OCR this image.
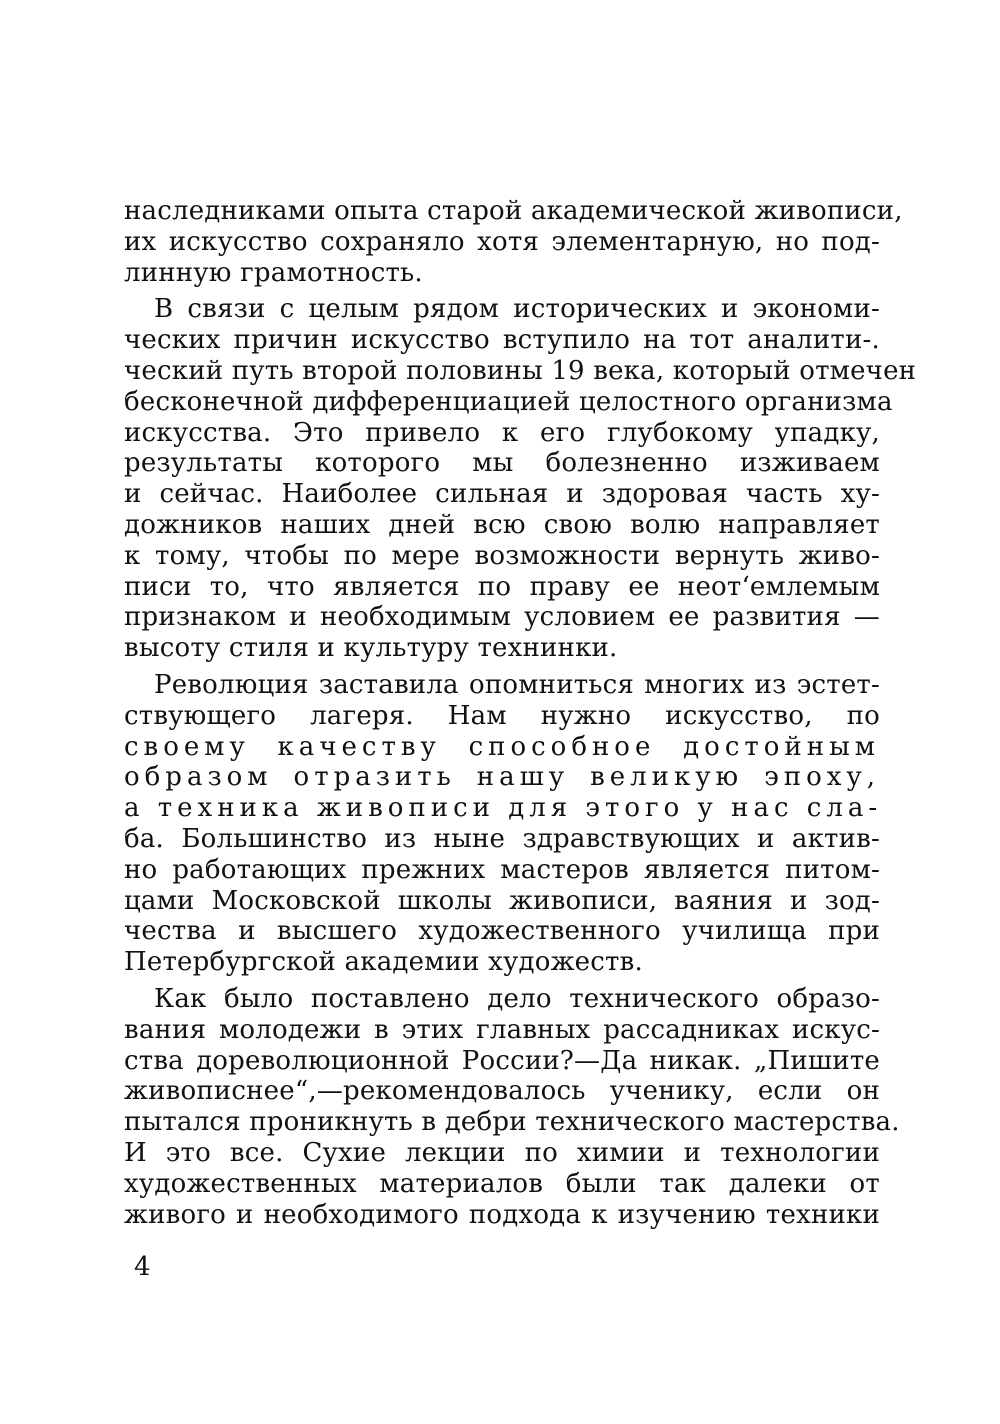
наследниками опыта старой академической живописи,
их искусство сохраняло хотя элементарную, но под-
линную грамотность.

В связи с целым рядом исторических и экономи-
ческих причин искусство вступило на тот аналити-.
ческий путь второй половины 19 века, который отмечен
бесконечной дифференциацией целостного организма
искусства. Это привело к его глубокому упадку,
результаты которого мы болезненно изживаем
и сейчас. Наиболее сильная и здоровая часть ху-
дожников наших дней всю свою волю направляет
к тому, чтобы по мере возможности вернуть живо-
писи то, что является по праву ее неот‘емлемым
признаком и необходимым условием ее развития —
высоту стиля и культуру технинки.

Революция заставила опомниться многих из эстет-
ствующего лагеря. Нам нужно искусство, по
своему качеству способное достойным
образом отразить нашу великую эпоху,
а техника живописи для этого у нас сла-
ба. Большинство из ныне здравствующих и актив-
но работающих прежних мастеров является питом-
цами Московской школы живописи, ваяния и зод-
чества и высшего художественного училища при
Петербургской академии художеств.

Как было поставлено дело технического образо-
вания молодежи в этих главных рассадниках искус-
ства дореволюционной России?—Да никак. „Пишите
живописнее“,—рекомендовалось ученику, если он
пытался проникнуть в дебри технического мастерства.
И это все. Сухие лекции по химии и технологии
художественных материалов были так далеки от
живого и необходимого подхода к изучению техники

4
